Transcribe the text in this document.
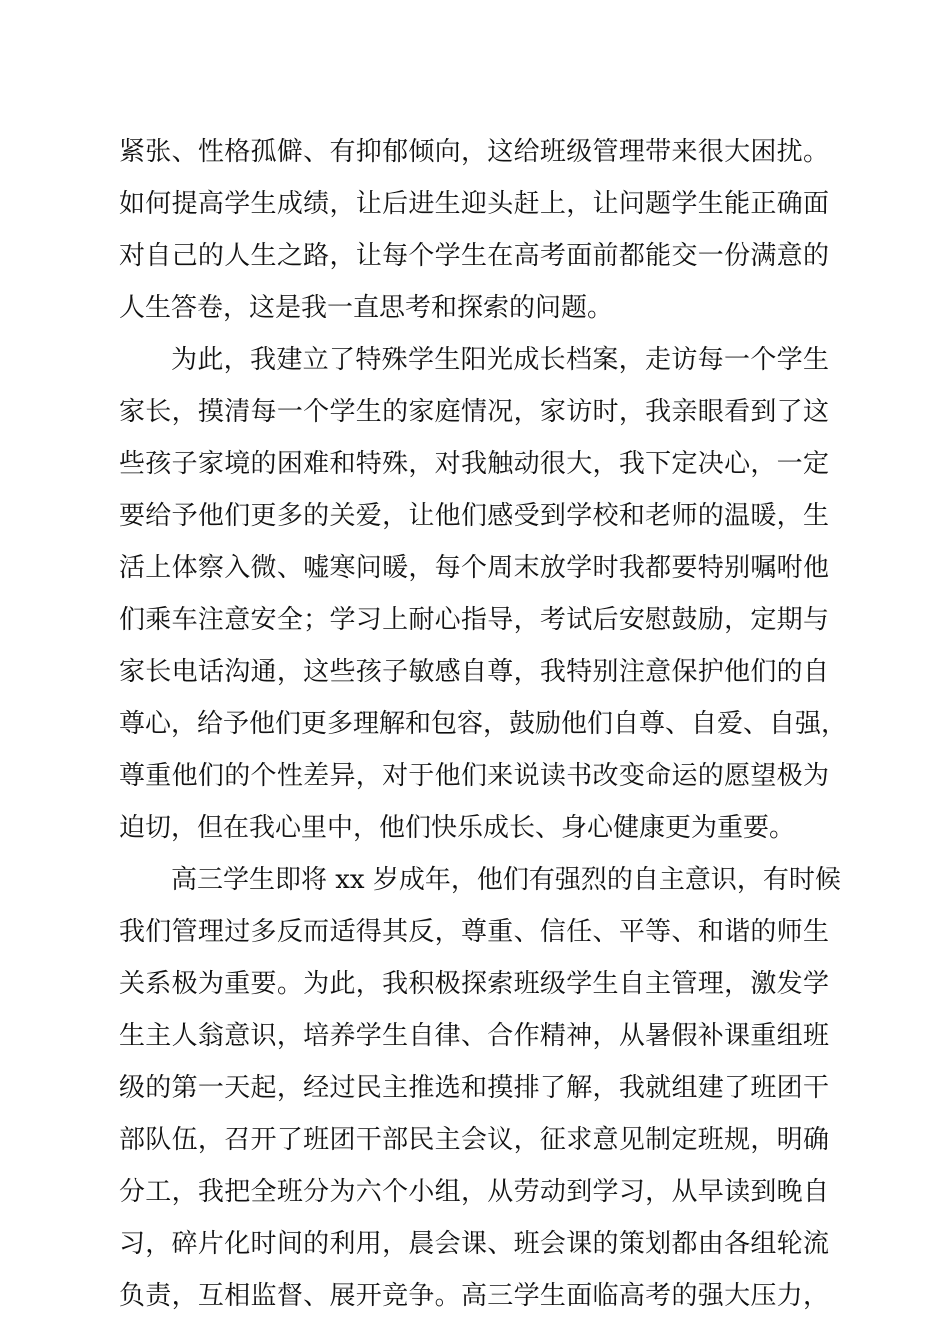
紧张、性格孤僻、有抑郁倾向，这给班级管理带来很大困扰。
如何提高学生成绩，让后进生迎头赶上，让问题学生能正确面
对自己的人生之路，让每个学生在高考面前都能交一份满意的
人生答卷，这是我一直思考和探索的问题。
为此，我建立了特殊学生阳光成长档案，走访每一个学生
家长，摸清每一个学生的家庭情况，家访时，我亲眼看到了这
些孩子家境的困难和特殊，对我触动很大，我下定决心，一定
要给予他们更多的关爱，让他们感受到学校和老师的温暖，生
活上体察入微、嘘寒问暖，每个周末放学时我都要特别嘱咐他
们乘车注意安全；学习上耐心指导，考试后安慰鼓励，定期与
家长电话沟通，这些孩子敏感自尊，我特别注意保护他们的自
尊心，给予他们更多理解和包容，鼓励他们自尊、自爱、自强，
尊重他们的个性差异，对于他们来说读书改变命运的愿望极为
迫切，但在我心里中，他们快乐成长、身心健康更为重要。
高三学生即将 xx 岁成年，他们有强烈的自主意识，有时候
我们管理过多反而适得其反，尊重、信任、平等、和谐的师生
关系极为重要。为此，我积极探索班级学生自主管理，激发学
生主人翁意识，培养学生自律、合作精神，从暑假补课重组班
级的第一天起，经过民主推选和摸排了解，我就组建了班团干
部队伍，召开了班团干部民主会议，征求意见制定班规，明确
分工，我把全班分为六个小组，从劳动到学习，从早读到晚自
习，碎片化时间的利用，晨会课、班会课的策划都由各组轮流
负责，互相监督、展开竞争。高三学生面临高考的强大压力，
